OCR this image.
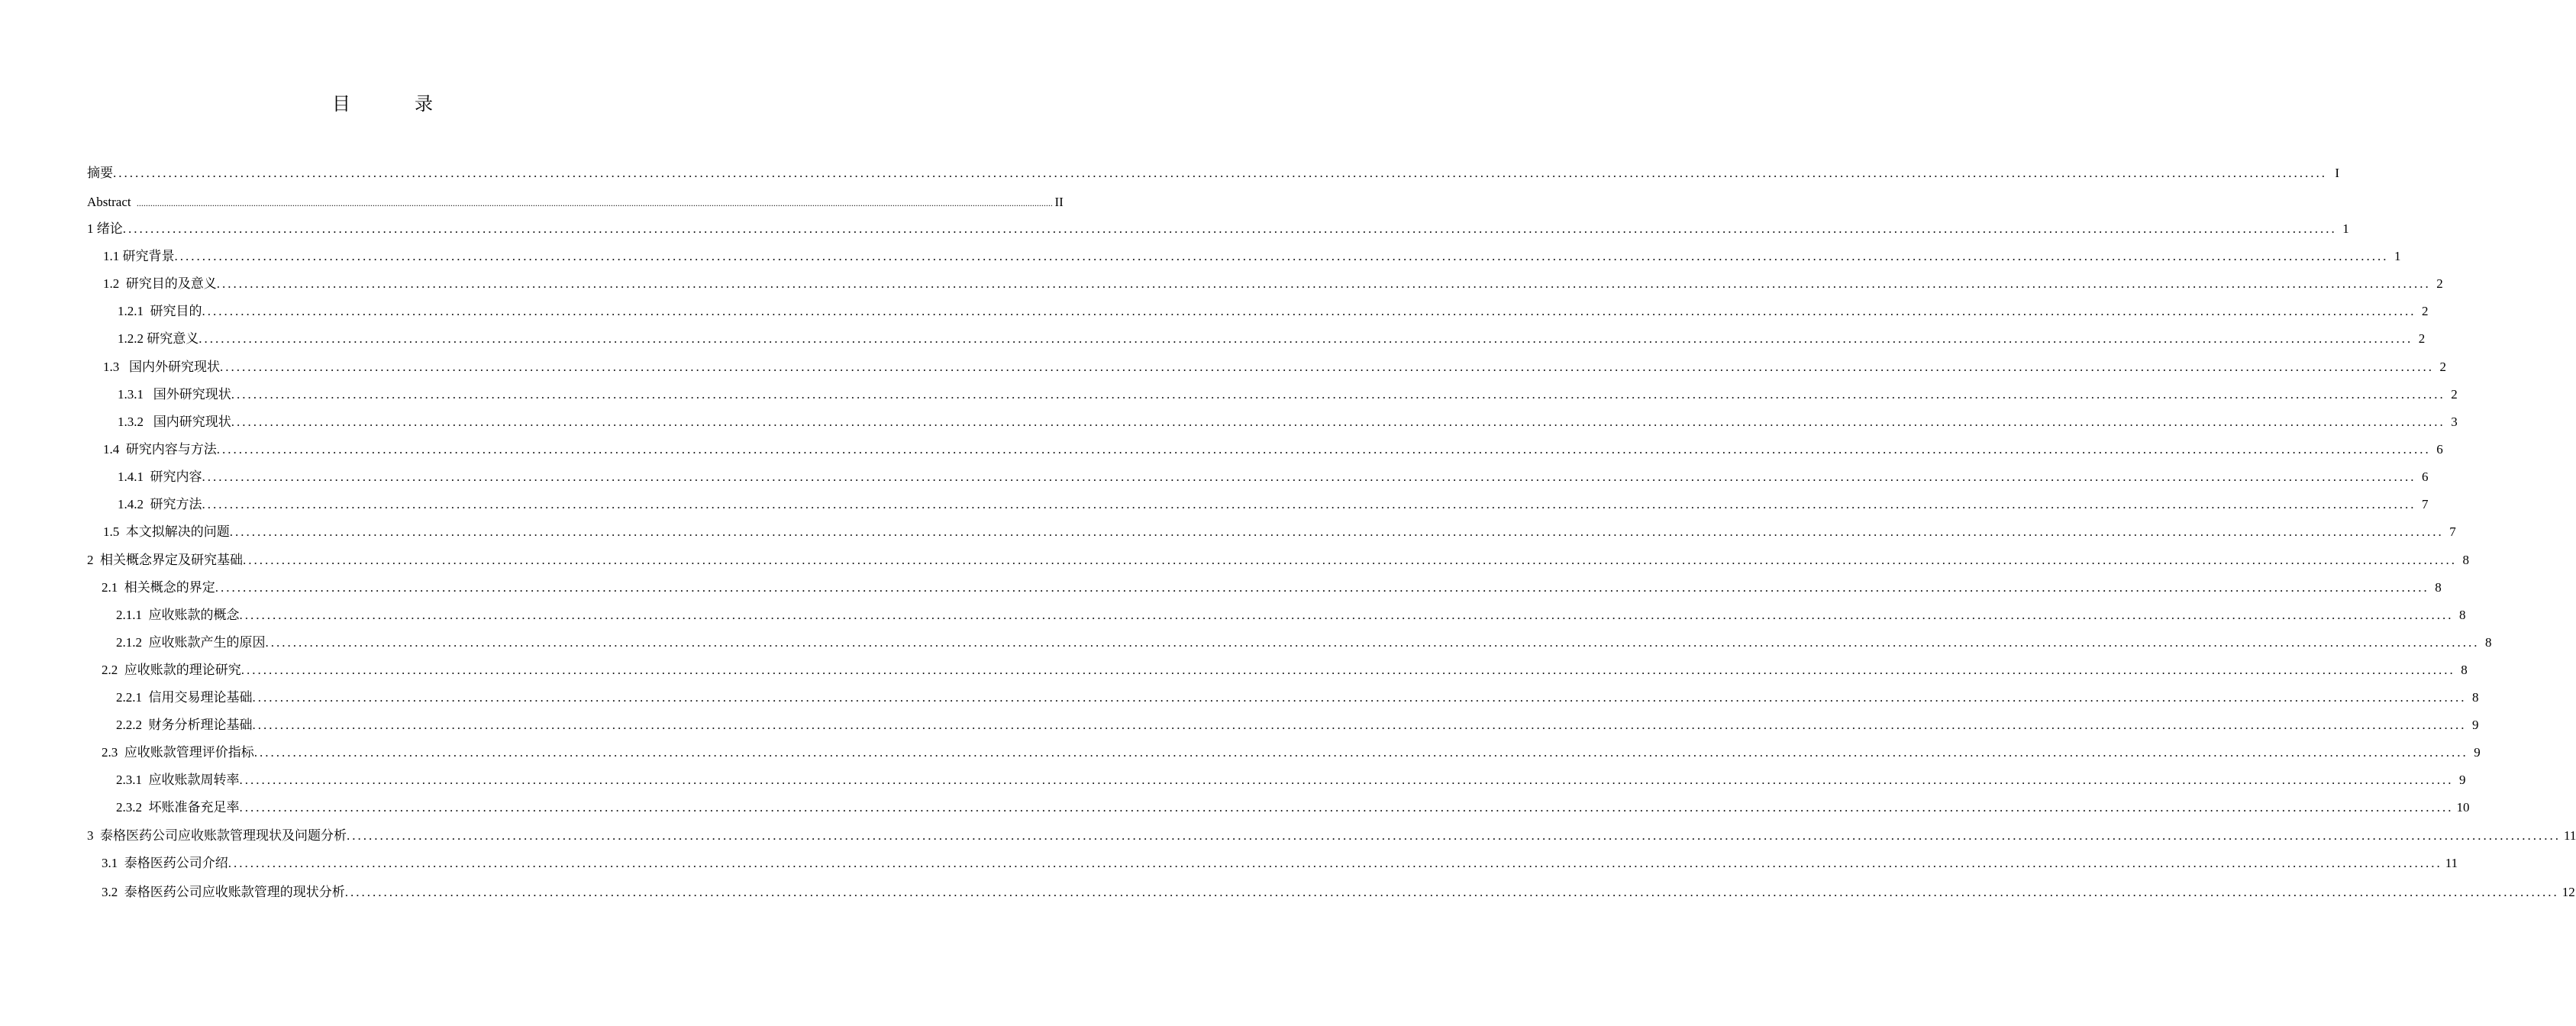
目　录
摘要 ................................................................................................................................................................................................................................................................................................................................................................................................................ I
Abstract ................................................................................................................................................................................................................................................................................................................................................................................................................ II
1 绪论 ................................................................................................................................................................................................................................................................................................................................................................................................................ 1
1.1 研究背景 ................................................................................................................................................................................................................................................................................................................................................................................................................ 1
1.2  研究目的及意义 ................................................................................................................................................................................................................................................................................................................................................................................................................ 2
1.2.1  研究目的 ................................................................................................................................................................................................................................................................................................................................................................................................................ 2
1.2.2 研究意义 ................................................................................................................................................................................................................................................................................................................................................................................................................ 2
1.3   国内外研究现状 ................................................................................................................................................................................................................................................................................................................................................................................................................ 2
1.3.1   国外研究现状 ................................................................................................................................................................................................................................................................................................................................................................................................................ 2
1.3.2   国内研究现状 ................................................................................................................................................................................................................................................................................................................................................................................................................ 3
1.4  研究内容与方法 ................................................................................................................................................................................................................................................................................................................................................................................................................ 6
1.4.1  研究内容 ................................................................................................................................................................................................................................................................................................................................................................................................................ 6
1.4.2  研究方法 ................................................................................................................................................................................................................................................................................................................................................................................................................ 7
1.5  本文拟解决的问题 ................................................................................................................................................................................................................................................................................................................................................................................................................ 7
2  相关概念界定及研究基础 ................................................................................................................................................................................................................................................................................................................................................................................................................ 8
2.1  相关概念的界定 ................................................................................................................................................................................................................................................................................................................................................................................................................ 8
2.1.1  应收账款的概念 ................................................................................................................................................................................................................................................................................................................................................................................................................ 8
2.1.2  应收账款产生的原因 ................................................................................................................................................................................................................................................................................................................................................................................................................ 8
2.2  应收账款的理论研究 ................................................................................................................................................................................................................................................................................................................................................................................................................ 8
2.2.1  信用交易理论基础 ................................................................................................................................................................................................................................................................................................................................................................................................................ 8
2.2.2  财务分析理论基础 ................................................................................................................................................................................................................................................................................................................................................................................................................ 9
2.3  应收账款管理评价指标 ................................................................................................................................................................................................................................................................................................................................................................................................................ 9
2.3.1  应收账款周转率 ................................................................................................................................................................................................................................................................................................................................................................................................................ 9
2.3.2  坏账准备充足率 ................................................................................................................................................................................................................................................................................................................................................................................................................ 10
3  泰格医药公司应收账款管理现状及问题分析 ................................................................................................................................................................................................................................................................................................................................................................................................................ 11
3.1  泰格医药公司介绍 ................................................................................................................................................................................................................................................................................................................................................................................................................ 11
3.2  泰格医药公司应收账款管理的现状分析 ................................................................................................................................................................................................................................................................................................................................................................................................................ 12
